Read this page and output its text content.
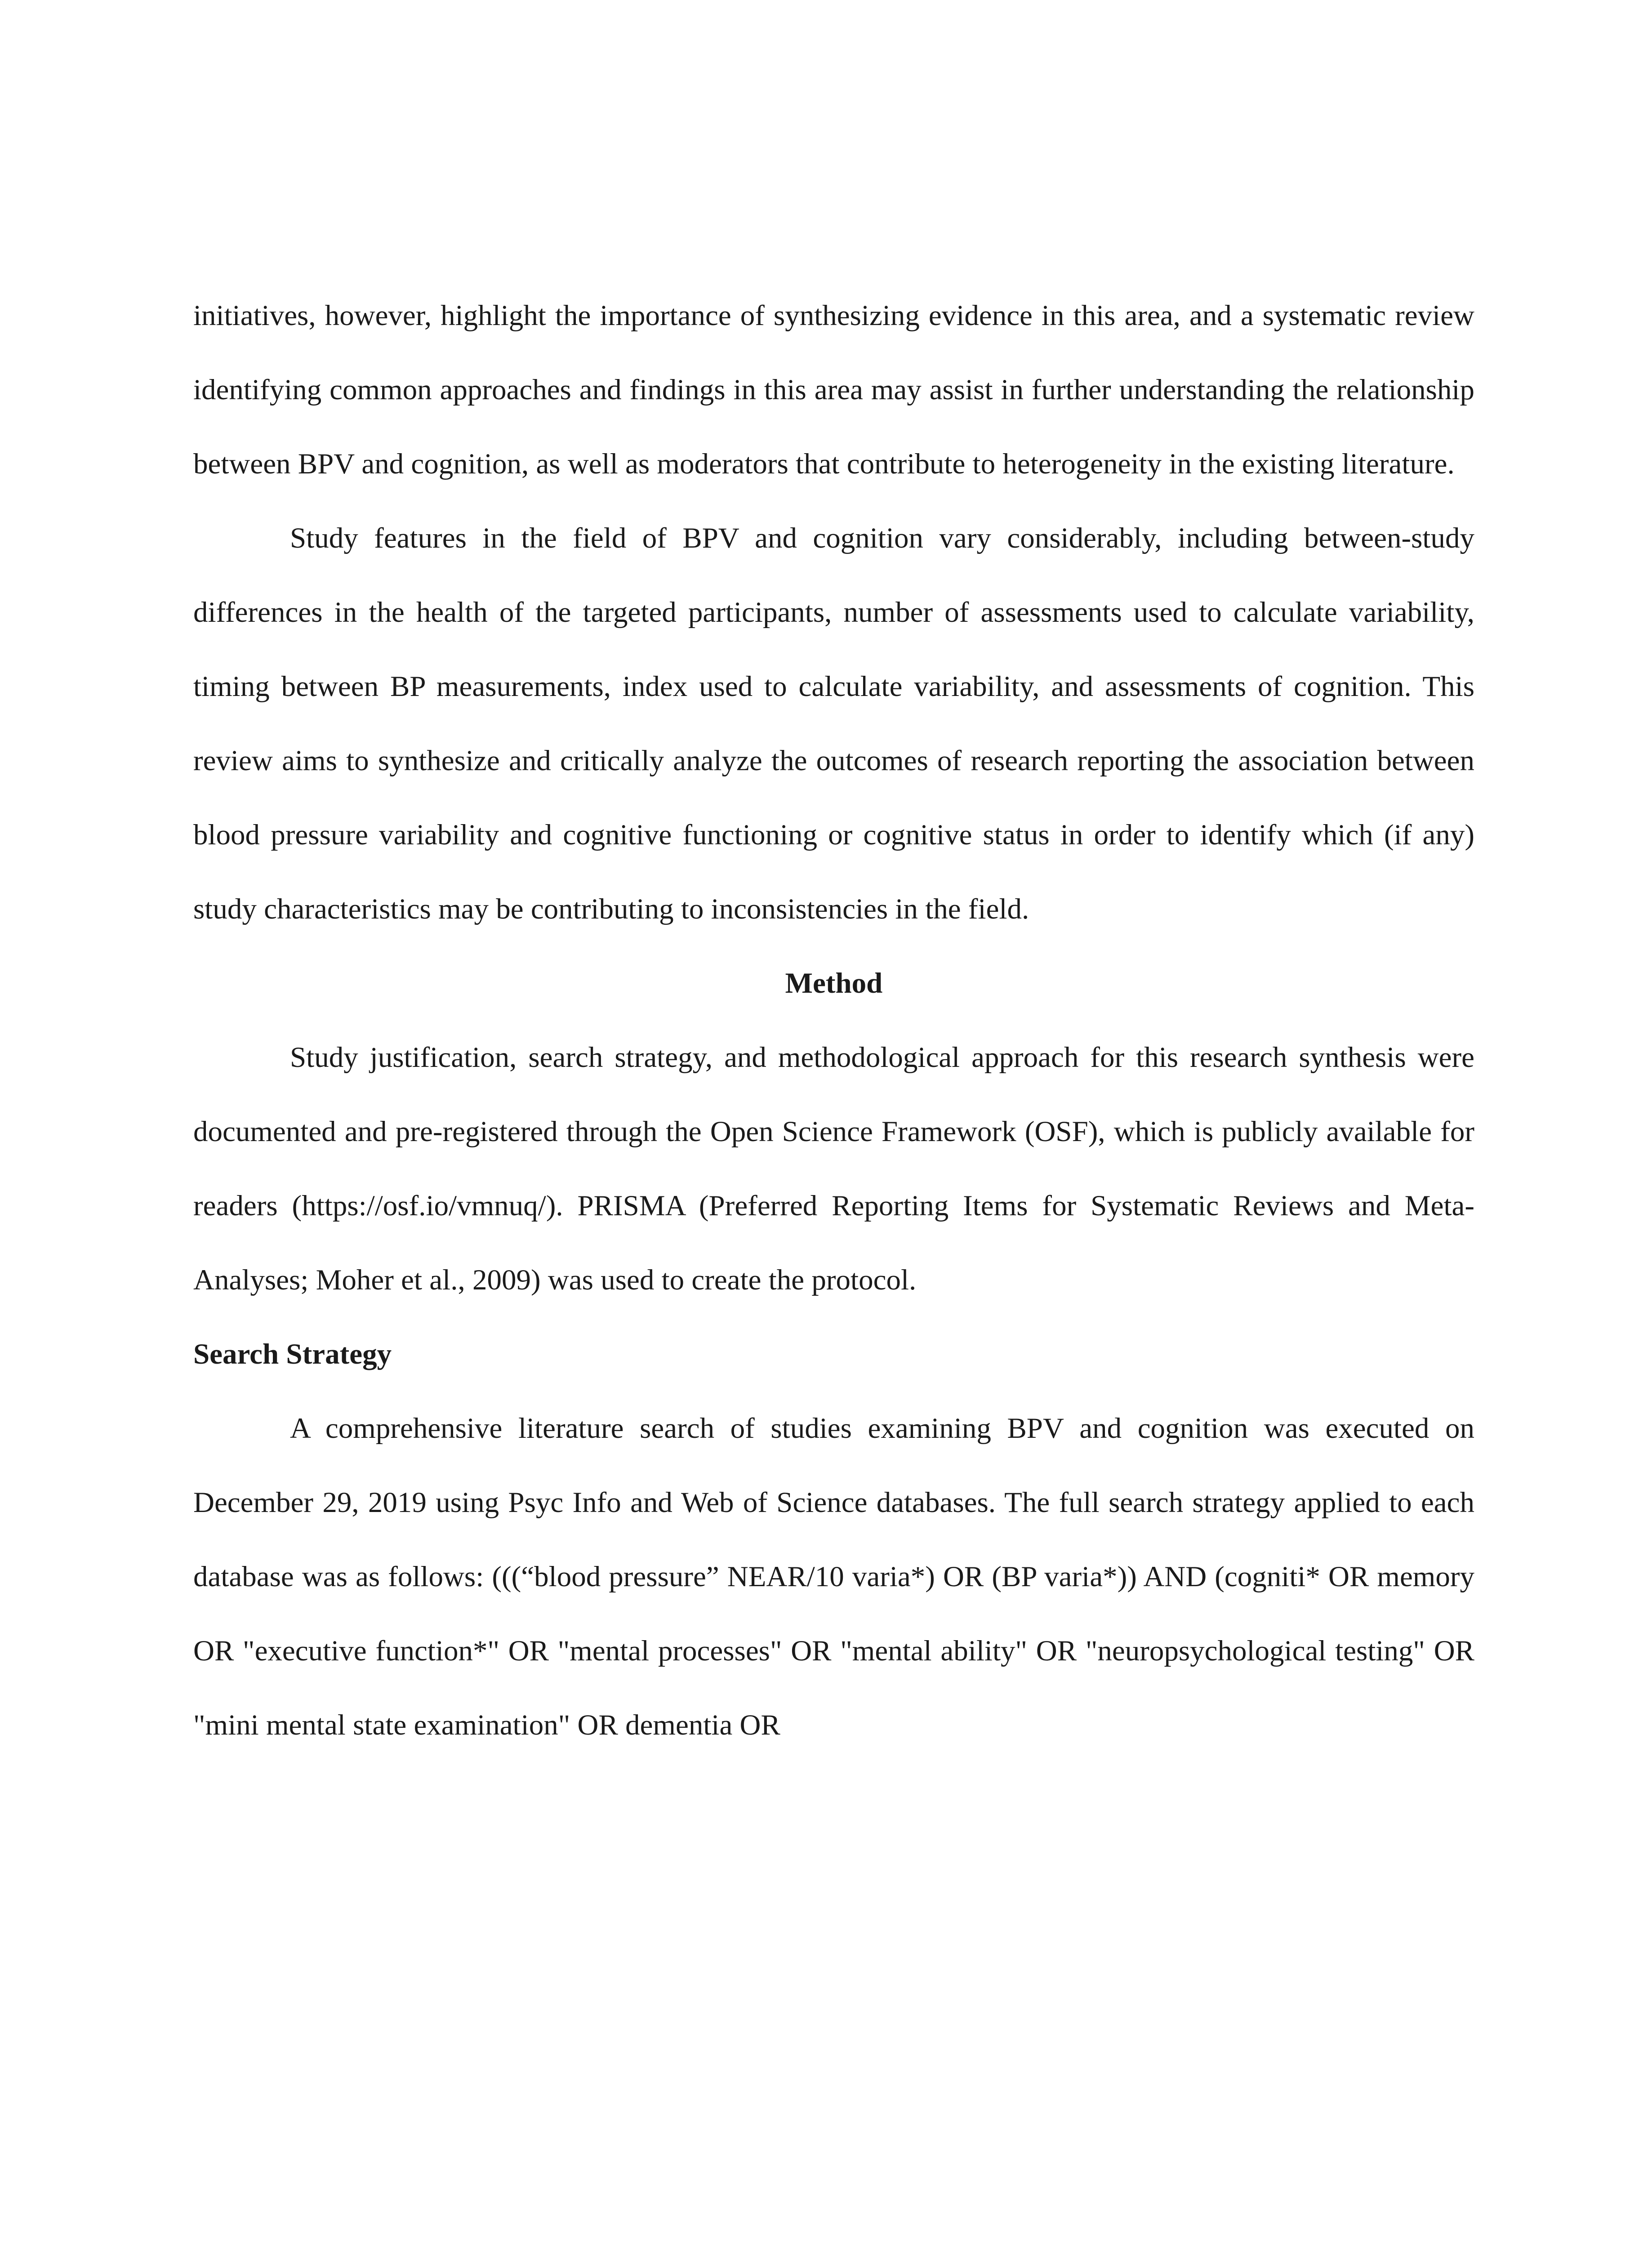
initiatives, however, highlight the importance of synthesizing evidence in this area, and a systematic review identifying common approaches and findings in this area may assist in further understanding the relationship between BPV and cognition, as well as moderators that contribute to heterogeneity in the existing literature.

Study features in the field of BPV and cognition vary considerably, including between-study differences in the health of the targeted participants, number of assessments used to calculate variability, timing between BP measurements, index used to calculate variability, and assessments of cognition. This review aims to synthesize and critically analyze the outcomes of research reporting the association between blood pressure variability and cognitive functioning or cognitive status in order to identify which (if any) study characteristics may be contributing to inconsistencies in the field.

Method

Study justification, search strategy, and methodological approach for this research synthesis were documented and pre-registered through the Open Science Framework (OSF), which is publicly available for readers (https://osf.io/vmnuq/). PRISMA (Preferred Reporting Items for Systematic Reviews and Meta-Analyses; Moher et al., 2009) was used to create the protocol.

Search Strategy

A comprehensive literature search of studies examining BPV and cognition was executed on December 29, 2019 using Psyc Info and Web of Science databases. The full search strategy applied to each database was as follows: (((“blood pressure” NEAR/10 varia*) OR (BP varia*)) AND (cogniti* OR memory OR "executive function*" OR "mental processes" OR "mental ability" OR "neuropsychological testing" OR "mini mental state examination" OR dementia OR
